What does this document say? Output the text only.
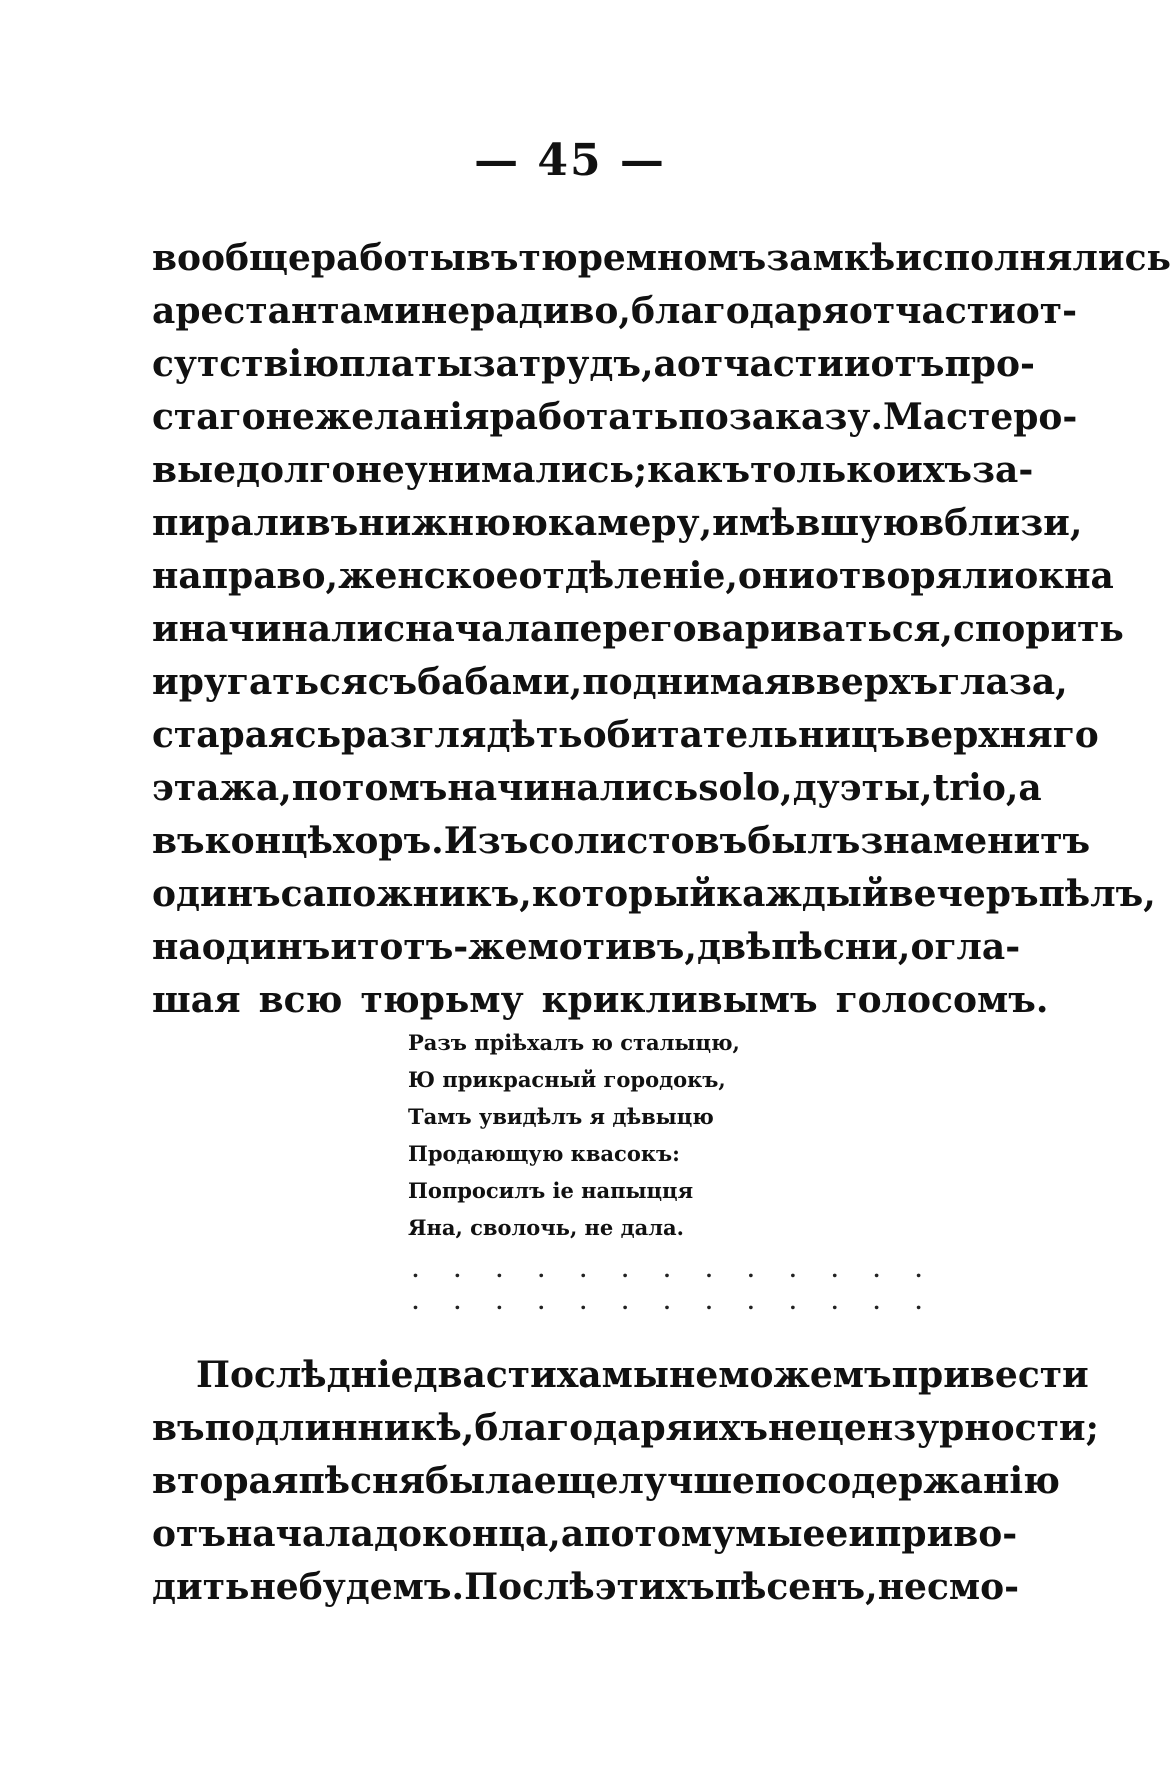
— 45 —
вообще работы въ тюремномъ замкѣ исполнялись
арестантами нерадиво, благодаря отчасти от-
сутствію платы за трудъ, а отчасти и отъ про-
стаго нежеланія работать по заказу. Мастеро-
вые долго не унимались; какъ только ихъ за-
пирали въ нижнюю камеру, имѣвшую вблизи,
направо, женское отдѣленіе, они отворяли окна
и начинали сначала переговариваться, спорить
и ругаться съ бабами, поднимая вверхъ глаза,
стараясь разглядѣть обитательницъ верхняго
этажа, потомъ начинались solo, дуэты, trio, а
въ концѣ хоръ. Изъ солистовъ былъ знаменитъ
одинъ сапожникъ, который каждый вечеръ пѣлъ,
на одинъ и тотъ-же мотивъ, двѣ пѣсни, огла-
шая всю тюрьму крикливымъ голосомъ.
Разъ пріѣхалъ ю сталыцю,
Ю прикрасный городокъ,
Тамъ увидѣлъ я дѣвыцю
Продающую квасокъ:
Попросилъ іе напыцця
Яна, сволочь, не дала.
. . . . . . . . . . . . .
. . . . . . . . . . . . .
Послѣдніе два стиха мы не можемъ привести
въ подлинникѣ, благодаря ихъ нецензурности;
вторая пѣсня была еще лучше по содержанію
отъ начала до конца, а потому мы ее и приво-
дить не будемъ. Послѣ этихъ пѣсенъ, не смо-
